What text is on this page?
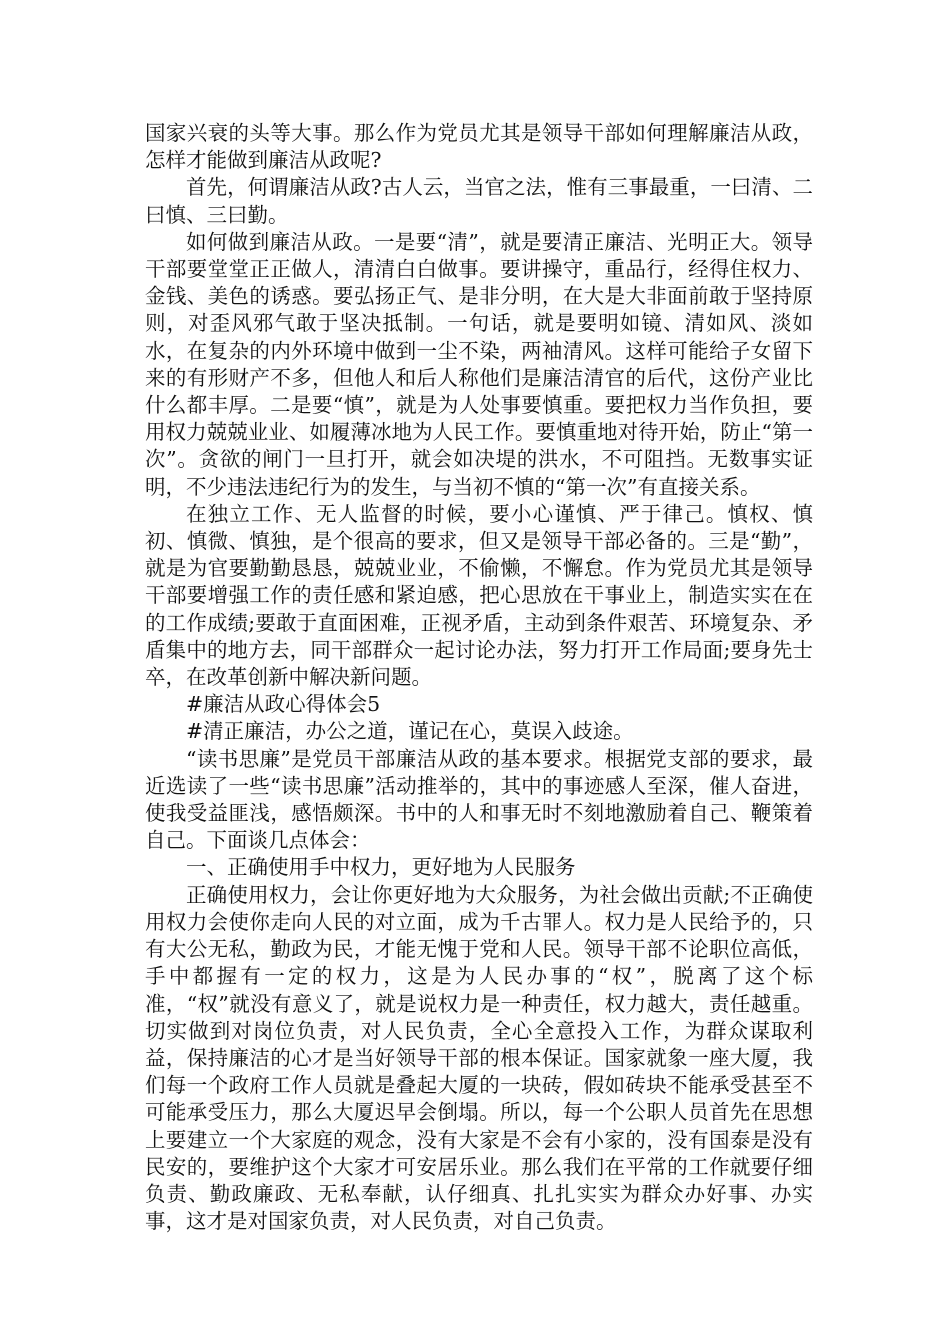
国家兴衰的头等大事。那么作为党员尤其是领导干部如何理解廉洁从政，怎样才能做到廉洁从政呢?

首先，何谓廉洁从政?古人云，当官之法，惟有三事最重，一曰清、二曰慎、三曰勤。

如何做到廉洁从政。一是要“清”，就是要清正廉洁、光明正大。领导干部要堂堂正正做人，清清白白做事。要讲操守，重品行，经得住权力、金钱、美色的诱惑。要弘扬正气、是非分明，在大是大非面前敢于坚持原则，对歪风邪气敢于坚决抵制。一句话，就是要明如镜、清如风、淡如水，在复杂的内外环境中做到一尘不染，两袖清风。这样可能给子女留下来的有形财产不多，但他人和后人称他们是廉洁清官的后代，这份产业比什么都丰厚。二是要“慎”，就是为人处事要慎重。要把权力当作负担，要用权力兢兢业业、如履薄冰地为人民工作。要慎重地对待开始，防止“第一次”。贪欲的闸门一旦打开，就会如决堤的洪水，不可阻挡。无数事实证明，不少违法违纪行为的发生，与当初不慎的“第一次”有直接关系。

在独立工作、无人监督的时候，要小心谨慎、严于律己。慎权、慎初、慎微、慎独，是个很高的要求，但又是领导干部必备的。三是“勤”，就是为官要勤勤恳恳，兢兢业业，不偷懒，不懈怠。作为党员尤其是领导干部要增强工作的责任感和紧迫感，把心思放在干事业上，制造实实在在的工作成绩;要敢于直面困难，正视矛盾，主动到条件艰苦、环境复杂、矛盾集中的地方去，同干部群众一起讨论办法，努力打开工作局面;要身先士卒，在改革创新中解决新问题。

#廉洁从政心得体会5

#清正廉洁，办公之道，谨记在心，莫误入歧途。

“读书思廉”是党员干部廉洁从政的基本要求。根据党支部的要求，最近选读了一些“读书思廉”活动推举的，其中的事迹感人至深，催人奋进，使我受益匪浅，感悟颇深。书中的人和事无时不刻地激励着自己、鞭策着自己。下面谈几点体会：

一、正确使用手中权力，更好地为人民服务

正确使用权力，会让你更好地为大众服务，为社会做出贡献;不正确使用权力会使你走向人民的对立面，成为千古罪人。权力是人民给予的，只有大公无私，勤政为民，才能无愧于党和人民。领导干部不论职位高低，手中都握有一定的权力，这是为人民办事的“权”，脱离了这个标准，“权”就没有意义了，就是说权力是一种责任，权力越大，责任越重。切实做到对岗位负责，对人民负责，全心全意投入工作，为群众谋取利益，保持廉洁的心才是当好领导干部的根本保证。国家就象一座大厦，我们每一个政府工作人员就是叠起大厦的一块砖，假如砖块不能承受甚至不可能承受压力，那么大厦迟早会倒塌。所以，每一个公职人员首先在思想上要建立一个大家庭的观念，没有大家是不会有小家的，没有国泰是没有民安的，要维护这个大家才可安居乐业。那么我们在平常的工作就要仔细负责、勤政廉政、无私奉献，认仔细真、扎扎实实为群众办好事、办实事，这才是对国家负责，对人民负责，对自己负责。
